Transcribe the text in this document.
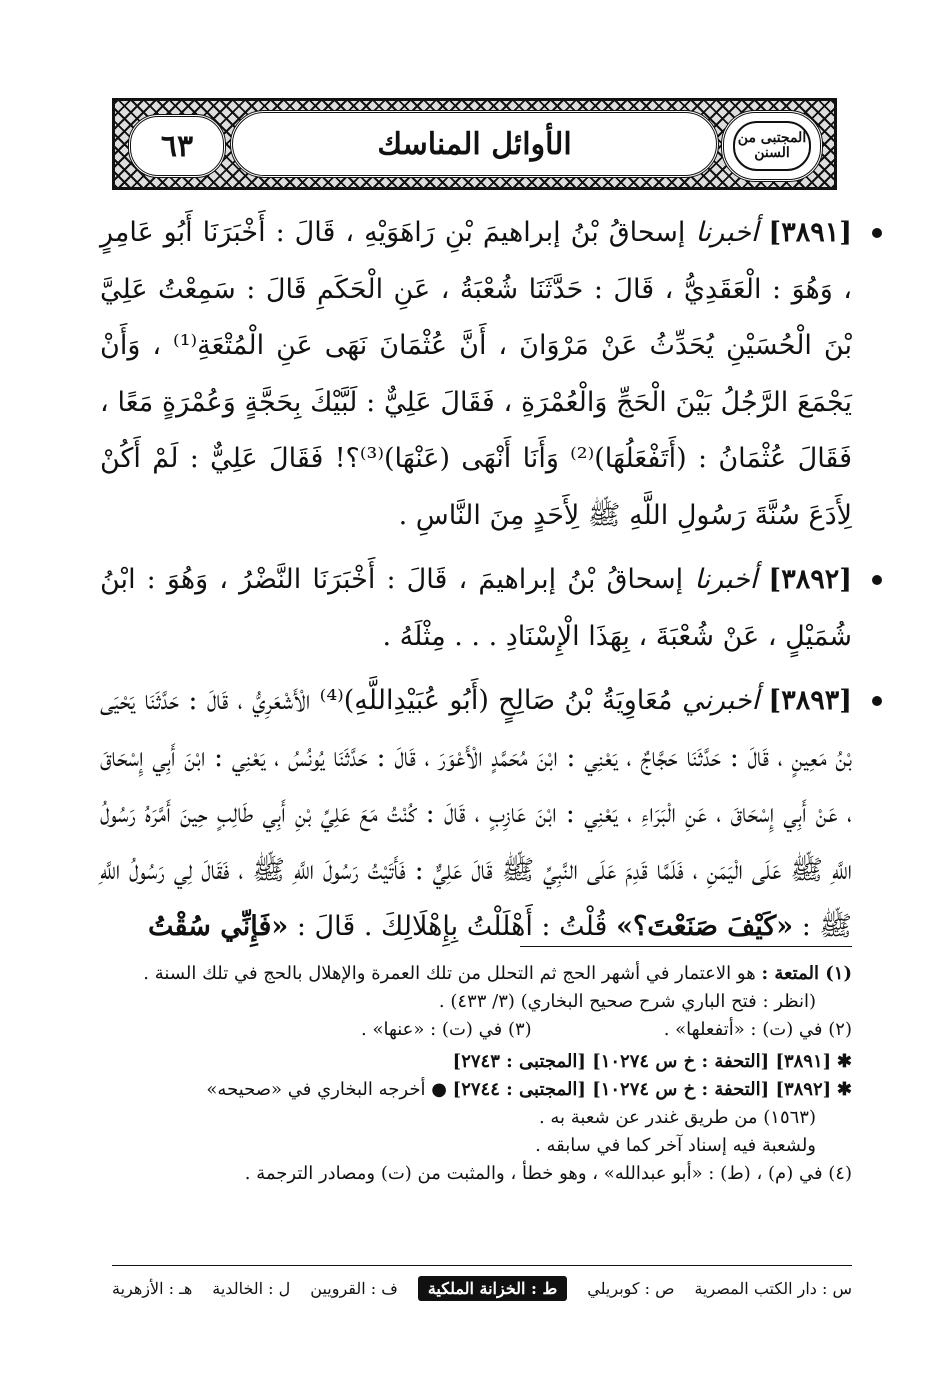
المجتبى من السنن
الأوائل المناسك
٦٣

[٣٨٩١] أخبرنا إسحاقُ بْنُ إبراهيمَ بْنِ رَاهَوَيْهِ ، قَالَ : أَخْبَرَنَا أَبُو عَامِرٍ ، وَهُوَ : الْعَقَدِيُّ ، قَالَ : حَدَّثَنَا شُعْبَةُ ، عَنِ الْحَكَمِ قَالَ : سَمِعْتُ عَلِيَّ بْنَ الْحُسَيْنِ يُحَدِّثُ عَنْ مَرْوَانَ ، أَنَّ عُثْمَانَ نَهَى عَنِ الْمُتْعَةِ⁽¹⁾ ، وَأَنْ يَجْمَعَ الرَّجُلُ بَيْنَ الْحَجِّ وَالْعُمْرَةِ ، فَقَالَ عَلِيٌّ : لَبَّيْكَ بِحَجَّةٍ وَعُمْرَةٍ مَعًا ، فَقَالَ عُثْمَانُ : (أَتَفْعَلُهَا)⁽²⁾ وَأَنَا أَنْهَى (عَنْهَا)⁽³⁾؟! فَقَالَ عَلِيٌّ : لَمْ أَكُنْ لِأَدَعَ سُنَّةَ رَسُولِ اللَّهِ ﷺ لِأَحَدٍ مِنَ النَّاسِ .

[٣٨٩٢] أخبرنا إسحاقُ بْنُ إبراهيمَ ، قَالَ : أَخْبَرَنَا النَّضْرُ ، وَهُوَ : ابْنُ شُمَيْلٍ ، عَنْ شُعْبَةَ ، بِهَذَا الْإِسْنَادِ . . . مِثْلَهُ .

[٣٨٩٣] أخبرني مُعَاوِيَةُ بْنُ صَالِحٍ (أَبُو عُبَيْدِاللَّهِ)⁽⁴⁾ الْأَشْعَرِيُّ ، قَالَ : حَدَّثَنَا يَحْيَى بْنُ مَعِينٍ ، قَالَ : حَدَّثَنَا حَجَّاجٌ ، يَعْنِي : ابْنَ مُحَمَّدٍ الْأَعْوَرَ ، قَالَ : حَدَّثَنَا يُونُسُ ، يَعْنِي : ابْنَ أَبِي إِسْحَاقَ ، عَنْ أَبِي إِسْحَاقَ ، عَنِ الْبَرَاءِ ، يَعْنِي : ابْنَ عَازِبٍ ، قَالَ : كُنْتُ مَعَ عَلِيِّ بْنِ أَبِي طَالِبٍ حِينَ أَمَّرَهُ رَسُولُ اللَّهِ ﷺ عَلَى الْيَمَنِ ، فَلَمَّا قَدِمَ عَلَى النَّبِيِّ ﷺ قَالَ عَلِيٌّ : فَأَتَيْتُ رَسُولَ اللَّهِ ﷺ ، فَقَالَ لِي رَسُولُ اللَّهِ ﷺ : «كَيْفَ صَنَعْتَ؟» قُلْتُ : أَهْلَلْتُ بِإِهْلَالِكَ . قَالَ : «فَإِنِّي سُقْتُ

(١) المتعة : هو الاعتمار في أشهر الحج ثم التحلل من تلك العمرة والإهلال بالحج في تلك السنة .
(انظر : فتح الباري شرح صحيح البخاري) (٣/ ٤٣٣) .
(٢) في (ت) : «أتفعلها» .
(٣) في (ت) : «عنها» .
✱ [٣٨٩١] [التحفة : خ س ١٠٢٧٤] [المجتبى : ٢٧٤٣]
✱ [٣٨٩٢] [التحفة : خ س ١٠٢٧٤] [المجتبى : ٢٧٤٤] ● أخرجه البخاري في «صحيحه»
(١٥٦٣) من طريق غندر عن شعبة به .
ولشعبة فيه إسناد آخر كما في سابقه .
(٤) في (م) ، (ط) : «أبو عبدالله» ، وهو خطأ ، والمثبت من (ت) ومصادر الترجمة .
س : دار الكتب المصرية
ص : كوبريلي
ط : الخزانة الملكية
ف : القرويين
ل : الخالدية
هـ : الأزهرية
